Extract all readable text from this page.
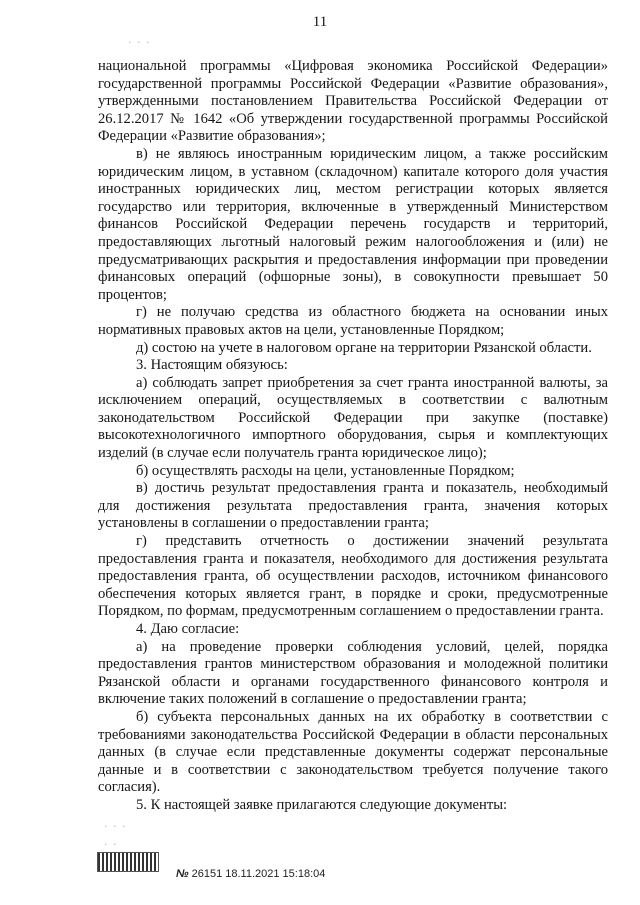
11

национальной программы «Цифровая экономика Российской Федерации» государственной программы Российской Федерации «Развитие образования», утвержденными постановлением Правительства Российской Федерации от 26.12.2017 № 1642 «Об утверждении государственной программы Российской Федерации «Развитие образования»;

в) не являюсь иностранным юридическим лицом, а также российским юридическим лицом, в уставном (складочном) капитале которого доля участия иностранных юридических лиц, местом регистрации которых является государство или территория, включенные в утвержденный Министерством финансов Российской Федерации перечень государств и территорий, предоставляющих льготный налоговый режим налогообложения и (или) не предусматривающих раскрытия и предоставления информации при проведении финансовых операций (офшорные зоны), в совокупности превышает 50 процентов;

г) не получаю средства из областного бюджета на основании иных нормативных правовых актов на цели, установленные Порядком;

д) состою на учете в налоговом органе на территории Рязанской области.

3. Настоящим обязуюсь:

а) соблюдать запрет приобретения за счет гранта иностранной валюты, за исключением операций, осуществляемых в соответствии с валютным законодательством Российской Федерации при закупке (поставке) высокотехнологичного импортного оборудования, сырья и комплектующих изделий (в случае если получатель гранта юридическое лицо);

б) осуществлять расходы на цели, установленные Порядком;

в) достичь результат предоставления гранта и показатель, необходимый для достижения результата предоставления гранта, значения которых установлены в соглашении о предоставлении гранта;

г) представить отчетность о достижении значений результата предоставления гранта и показателя, необходимого для достижения результата предоставления гранта, об осуществлении расходов, источником финансового обеспечения которых является грант, в порядке и сроки, предусмотренные Порядком, по формам, предусмотренным соглашением о предоставлении гранта.

4. Даю согласие:

а) на проведение проверки соблюдения условий, целей, порядка предоставления грантов министерством образования и молодежной политики Рязанской области и органами государственного финансового контроля и включение таких положений в соглашение о предоставлении гранта;

б) субъекта персональных данных на их обработку в соответствии с требованиями законодательства Российской Федерации в области персональных данных (в случае если представленные документы содержат персональные данные и в соответствии с законодательством требуется получение такого согласия).

5. К настоящей заявке прилагаются следующие документы:

· · ·
· · ·
· ·
№ 26151 18.11.2021 15:18:04
